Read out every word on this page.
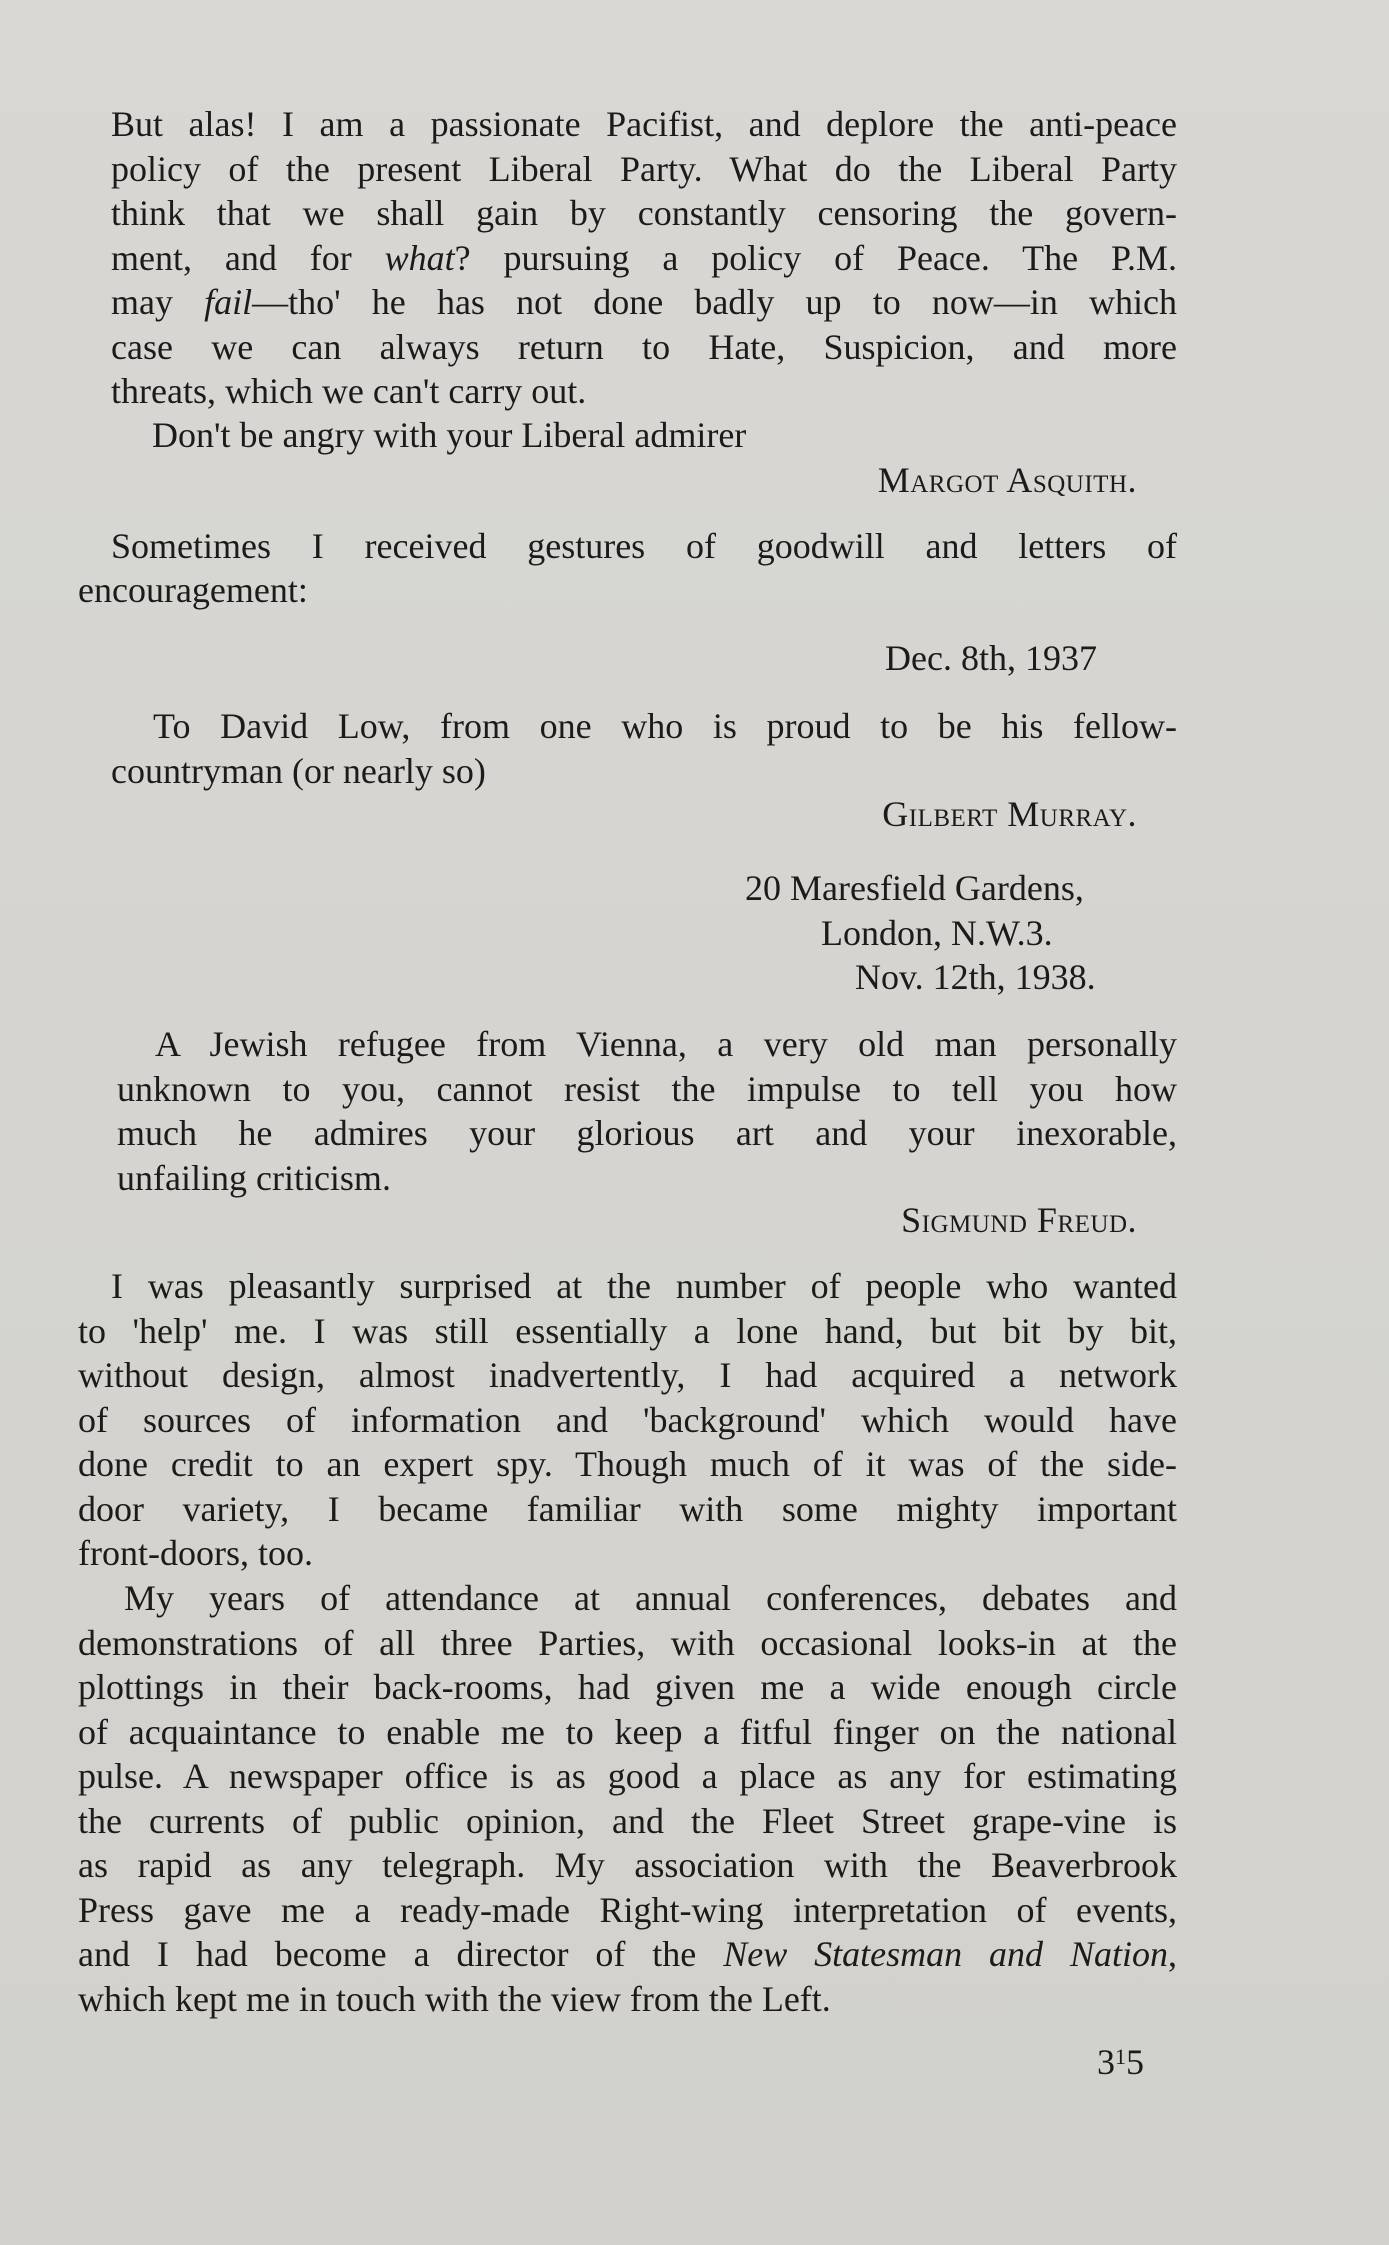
But alas! I am a passionate Pacifist, and deplore the anti-peace
policy of the present Liberal Party. What do the Liberal Party
think that we shall gain by constantly censoring the govern-
ment, and for what? pursuing a policy of Peace. The P.M.
may fail—tho' he has not done badly up to now—in which
case we can always return to Hate, Suspicion, and more
threats, which we can't carry out.
Don't be angry with your Liberal admirer
Margot Asquith.
Sometimes I received gestures of goodwill and letters of
encouragement:
Dec. 8th, 1937
To David Low, from one who is proud to be his fellow-
countryman (or nearly so)
Gilbert Murray.
20 Maresfield Gardens,
London, N.W.3.
Nov. 12th, 1938.
A Jewish refugee from Vienna, a very old man personally
unknown to you, cannot resist the impulse to tell you how
much he admires your glorious art and your inexorable,
unfailing criticism.
Sigmund Freud.
I was pleasantly surprised at the number of people who wanted
to 'help' me. I was still essentially a lone hand, but bit by bit,
without design, almost inadvertently, I had acquired a network
of sources of information and 'background' which would have
done credit to an expert spy. Though much of it was of the side-
door variety, I became familiar with some mighty important
front-doors, too.
My years of attendance at annual conferences, debates and
demonstrations of all three Parties, with occasional looks-in at the
plottings in their back-rooms, had given me a wide enough circle
of acquaintance to enable me to keep a fitful finger on the national
pulse. A newspaper office is as good a place as any for estimating
the currents of public opinion, and the Fleet Street grape-vine is
as rapid as any telegraph. My association with the Beaverbrook
Press gave me a ready-made Right-wing interpretation of events,
and I had become a director of the New Statesman and Nation,
which kept me in touch with the view from the Left.
$3^15$
